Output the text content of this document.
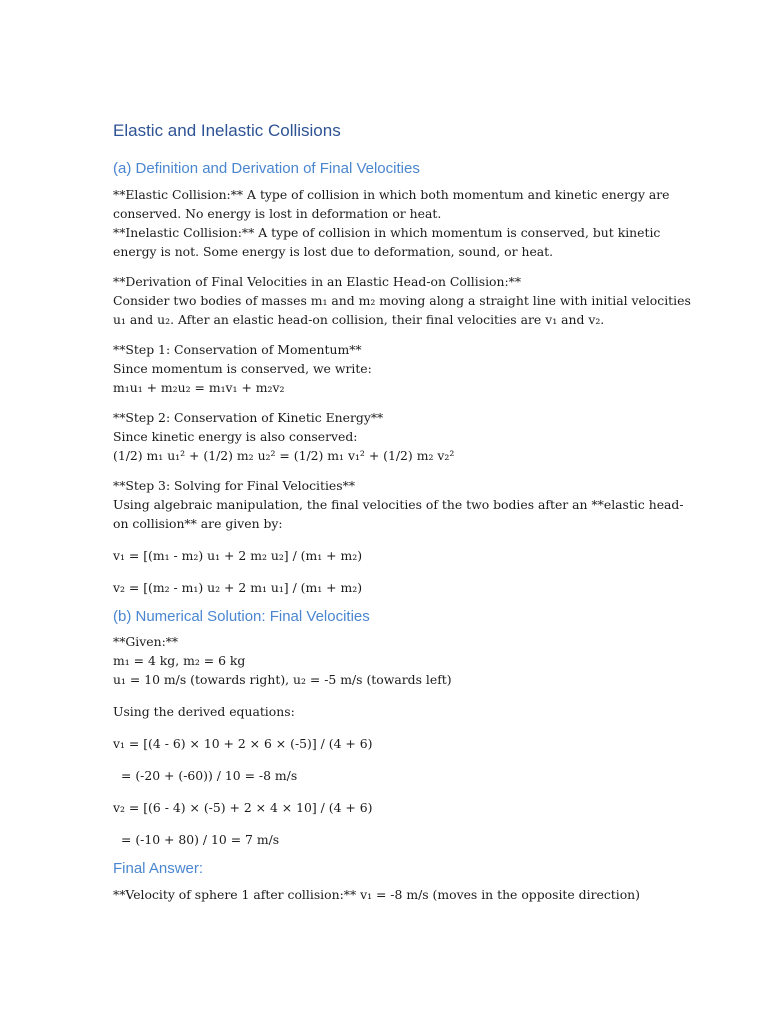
Elastic and Inelastic Collisions
(a) Definition and Derivation of Final Velocities

**Elastic Collision:** A type of collision in which both momentum and kinetic energy are

conserved. No energy is lost in deformation or heat.

**Inelastic Collision:** A type of collision in which momentum is conserved, but kinetic

energy is not. Some energy is lost due to deformation, sound, or heat.

**Derivation of Final Velocities in an Elastic Head-on Collision:**

Consider two bodies of masses m₁ and m₂ moving along a straight line with initial velocities

u₁ and u₂. After an elastic head-on collision, their final velocities are v₁ and v₂.

**Step 1: Conservation of Momentum**

Since momentum is conserved, we write:

m₁u₁ + m₂u₂ = m₁v₁ + m₂v₂

**Step 2: Conservation of Kinetic Energy**

Since kinetic energy is also conserved:

(1/2) m₁ u₁² + (1/2) m₂ u₂² = (1/2) m₁ v₁² + (1/2) m₂ v₂²

**Step 3: Solving for Final Velocities**

Using algebraic manipulation, the final velocities of the two bodies after an **elastic head-

on collision** are given by:

v₁ = [(m₁ - m₂) u₁ + 2 m₂ u₂] / (m₁ + m₂)

v₂ = [(m₂ - m₁) u₂ + 2 m₁ u₁] / (m₁ + m₂)

(b) Numerical Solution: Final Velocities

**Given:**

m₁ = 4 kg, m₂ = 6 kg

u₁ = 10 m/s (towards right), u₂ = -5 m/s (towards left)

Using the derived equations:

v₁ = [(4 - 6) × 10 + 2 × 6 × (-5)] / (4 + 6)

= (-20 + (-60)) / 10 = -8 m/s

v₂ = [(6 - 4) × (-5) + 2 × 4 × 10] / (4 + 6)

= (-10 + 80) / 10 = 7 m/s

Final Answer:

**Velocity of sphere 1 after collision:** v₁ = -8 m/s (moves in the opposite direction)
